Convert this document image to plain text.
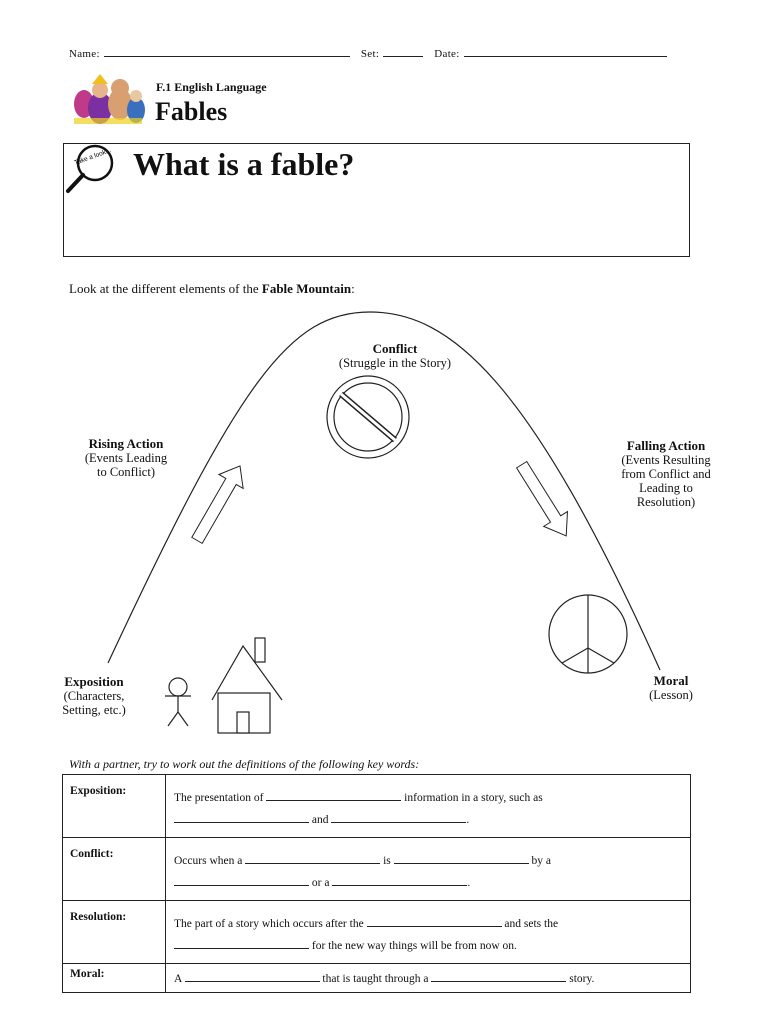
Name:	Set:	Date:
F.1 English Language
Fables
Take a look... What is a fable?
Look at the different elements of the Fable Mountain:
Conflict
(Struggle in the Story)
Rising Action
(Events Leading
to Conflict)
Falling Action
(Events Resulting
from Conflict and
Leading to
Resolution)
Exposition
(Characters,
Setting, etc.)
Moral
(Lesson)
With a partner, try to work out the definitions of the following key words:
Exposition:	The presentation of information in a story, such as
and .
Conflict:	Occurs when a is by a
or a .
Resolution:	The part of a story which occurs after the and sets the
for the new way things will be from now on.
Moral:	A that is taught through a story.
